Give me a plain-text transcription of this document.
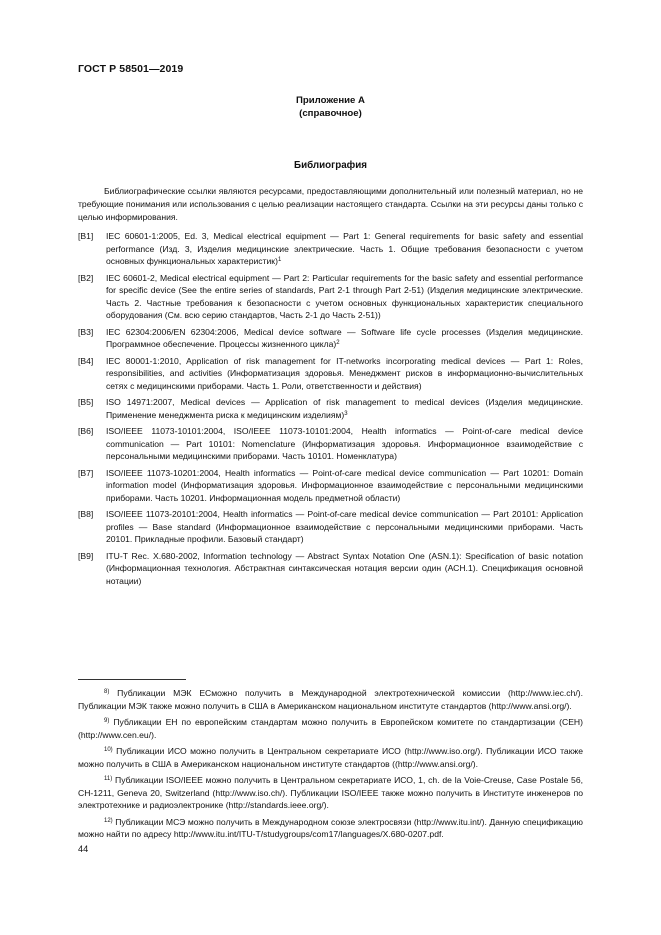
ГОСТ Р 58501—2019
Приложение А
(справочное)
Библиография

Библиографические ссылки являются ресурсами, предоставляющими дополнительный или полезный материал, но не требующие понимания или использования с целью реализации настоящего стандарта. Ссылки на эти ресурсы даны только с целью информирования.

[B1] IEC 60601-1:2005, Ed. 3, Medical electrical equipment — Part 1: General requirements for basic safety and essential performance (Изд. 3, Изделия медицинские электрические. Часть 1. Общие требования безопасности с учетом основных функциональных характеристик)$^1$
[B2] IEC 60601-2, Medical electrical equipment — Part 2: Particular requirements for the basic safety and essential performance for specific device (See the entire series of standards, Part 2-1 through Part 2-51) (Изделия медицинские электрические. Часть 2. Частные требования к безопасности с учетом основных функциональных характеристик специального оборудования (См. всю серию стандартов, Часть 2-1 до Часть 2-51))
[B3] IEC 62304:2006/EN 62304:2006, Medical device software — Software life cycle processes (Изделия медицинские. Программное обеспечение. Процессы жизненного цикла)$^2$
[B4] IEC 80001-1:2010, Application of risk management for IT-networks incorporating medical devices — Part 1: Roles, responsibilities, and activities (Информатизация здоровья. Менеджмент рисков в информационно-вычислительных сетях с медицинскими приборами. Часть 1. Роли, ответственности и действия)
[B5] ISO 14971:2007, Medical devices — Application of risk management to medical devices (Изделия медицинские. Применение менеджмента риска к медицинским изделиям)$^3$
[B6] ISO/IEEE 11073-10101:2004, ISO/IEEE 11073-10101:2004, Health informatics — Point-of-care medical device communication — Part 10101: Nomenclature (Информатизация здоровья. Информационное взаимодействие с персональными медицинскими приборами. Часть 10101. Номенклатура)
[B7] ISO/IEEE 11073-10201:2004, Health informatics — Point-of-care medical device communication — Part 10201: Domain information model (Информатизация здоровья. Информационное взаимодействие с персональными медицинскими приборами. Часть 10201. Информационная модель предметной области)
[B8] ISO/IEEE 11073-20101:2004, Health informatics — Point-of-care medical device communication — Part 20101: Application profiles — Base standard (Информационное взаимодействие с персональными медицинскими приборами. Часть 20101. Прикладные профили. Базовый стандарт)
[B9] ITU-T Rec. X.680-2002, Information technology — Abstract Syntax Notation One (ASN.1): Specification of basic notation (Информационная технология. Абстрактная синтаксическая нотация версии один (АСН.1). Спецификация основной нотации)

$^{8)}$ Публикации МЭК ЕСможно получить в Международной электротехнической комиссии (http://www.iec.ch/). Публикации МЭК также можно получить в США в Американском национальном институте стандартов (http://www.ansi.org/).

$^{9)}$ Публикации ЕН по европейским стандартам можно получить в Европейском комитете по стандартизации (СЕН) (http://www.cen.eu/).

$^{10)}$ Публикации ИСО можно получить в Центральном секретариате ИСО (http://www.iso.org/). Публикации ИСО также можно получить в США в Американском национальном институте стандартов ((http://www.ansi.org/).

$^{11)}$ Публикации ISO/IEEE можно получить в Центральном секретариате ИСО, 1, ch. de la Voie-Creuse, Case Postale 56, CH-1211, Geneva 20, Switzerland (http://www.iso.ch/). Публикации ISO/IEEE также можно получить в Институте инженеров по электротехнике и радиоэлектронике (http://standards.ieee.org/).

$^{12)}$ Публикации МСЭ можно получить в Международном союзе электросвязи (http://www.itu.int/). Данную спецификацию можно найти по адресу http://www.itu.int/ITU-T/studygroups/com17/languages/X.680-0207.pdf.

44
